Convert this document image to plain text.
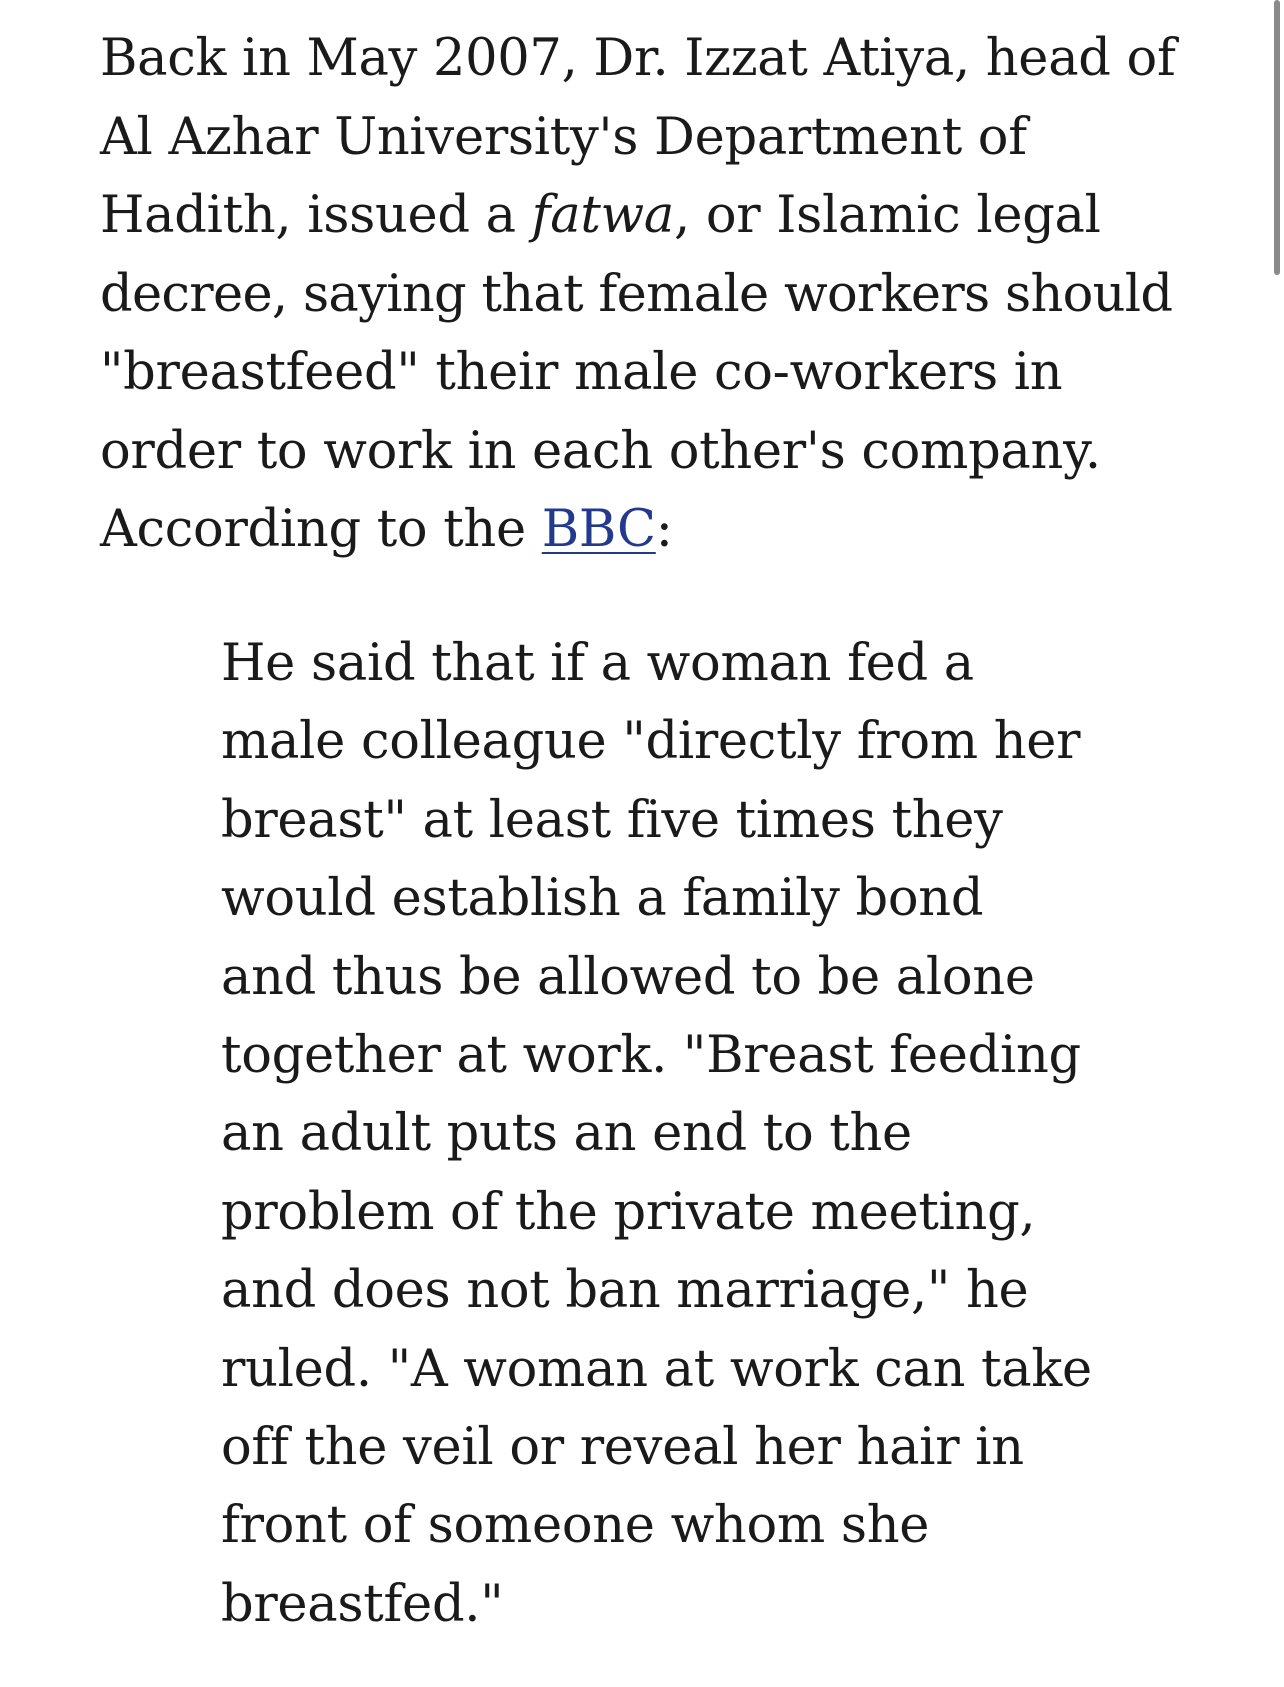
Back in May 2007, Dr. Izzat Atiya, head of
Al Azhar University's Department of
Hadith, issued a fatwa, or Islamic legal
decree, saying that female workers should
"breastfeed" their male co-workers in
order to work in each other's company.
According to the BBC:

He said that if a woman fed a
male colleague "directly from her
breast" at least five times they
would establish a family bond
and thus be allowed to be alone
together at work. "Breast feeding
an adult puts an end to the
problem of the private meeting,
and does not ban marriage," he
ruled. "A woman at work can take
off the veil or reveal her hair in
front of someone whom she
breastfed."
